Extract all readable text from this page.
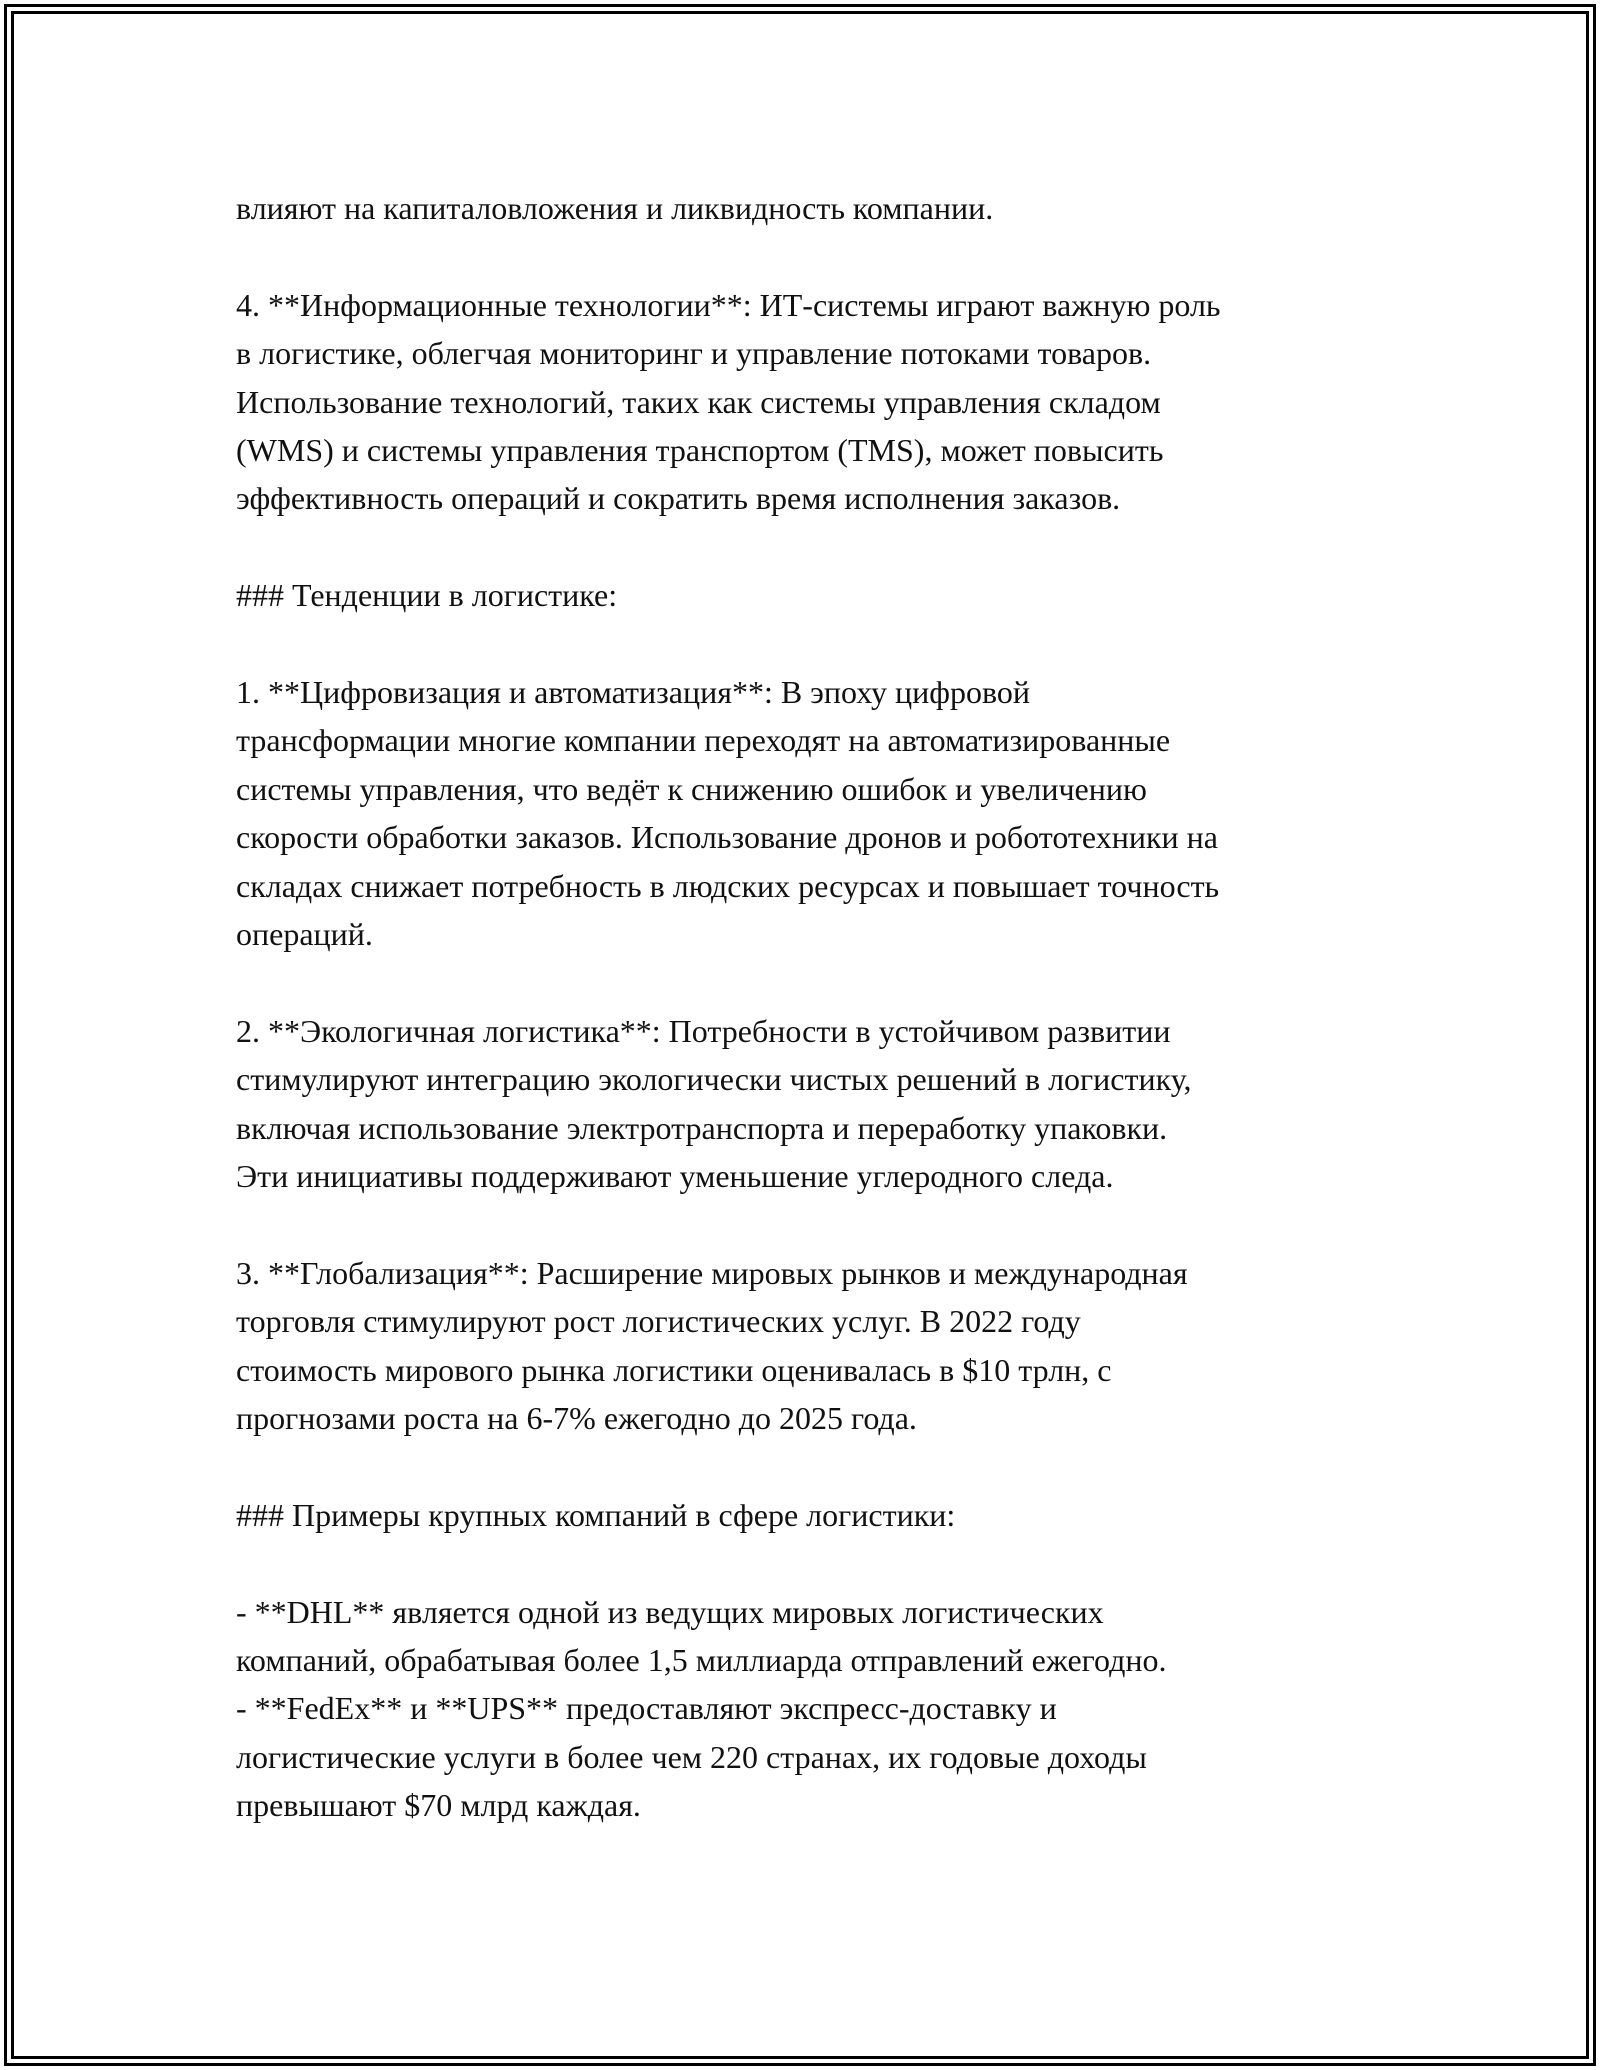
влияют на капиталовложения и ликвидность компании.
4. **Информационные технологии**: ИТ-системы играют важную роль
в логистике, облегчая мониторинг и управление потоками товаров.
Использование технологий, таких как системы управления складом
(WMS) и системы управления транспортом (TMS), может повысить
эффективность операций и сократить время исполнения заказов.
### Тенденции в логистике:
1. **Цифровизация и автоматизация**: В эпоху цифровой
трансформации многие компании переходят на автоматизированные
системы управления, что ведёт к снижению ошибок и увеличению
скорости обработки заказов. Использование дронов и робототехники на
складах снижает потребность в людских ресурсах и повышает точность
операций.
2. **Экологичная логистика**: Потребности в устойчивом развитии
стимулируют интеграцию экологически чистых решений в логистику,
включая использование электротранспорта и переработку упаковки.
Эти инициативы поддерживают уменьшение углеродного следа.
3. **Глобализация**: Расширение мировых рынков и международная
торговля стимулируют рост логистических услуг. В 2022 году
стоимость мирового рынка логистики оценивалась в $10 трлн, с
прогнозами роста на 6-7% ежегодно до 2025 года.
### Примеры крупных компаний в сфере логистики:
- **DHL** является одной из ведущих мировых логистических
компаний, обрабатывая более 1,5 миллиарда отправлений ежегодно.
- **FedEx** и **UPS** предоставляют экспресс-доставку и
логистические услуги в более чем 220 странах, их годовые доходы
превышают $70 млрд каждая.
